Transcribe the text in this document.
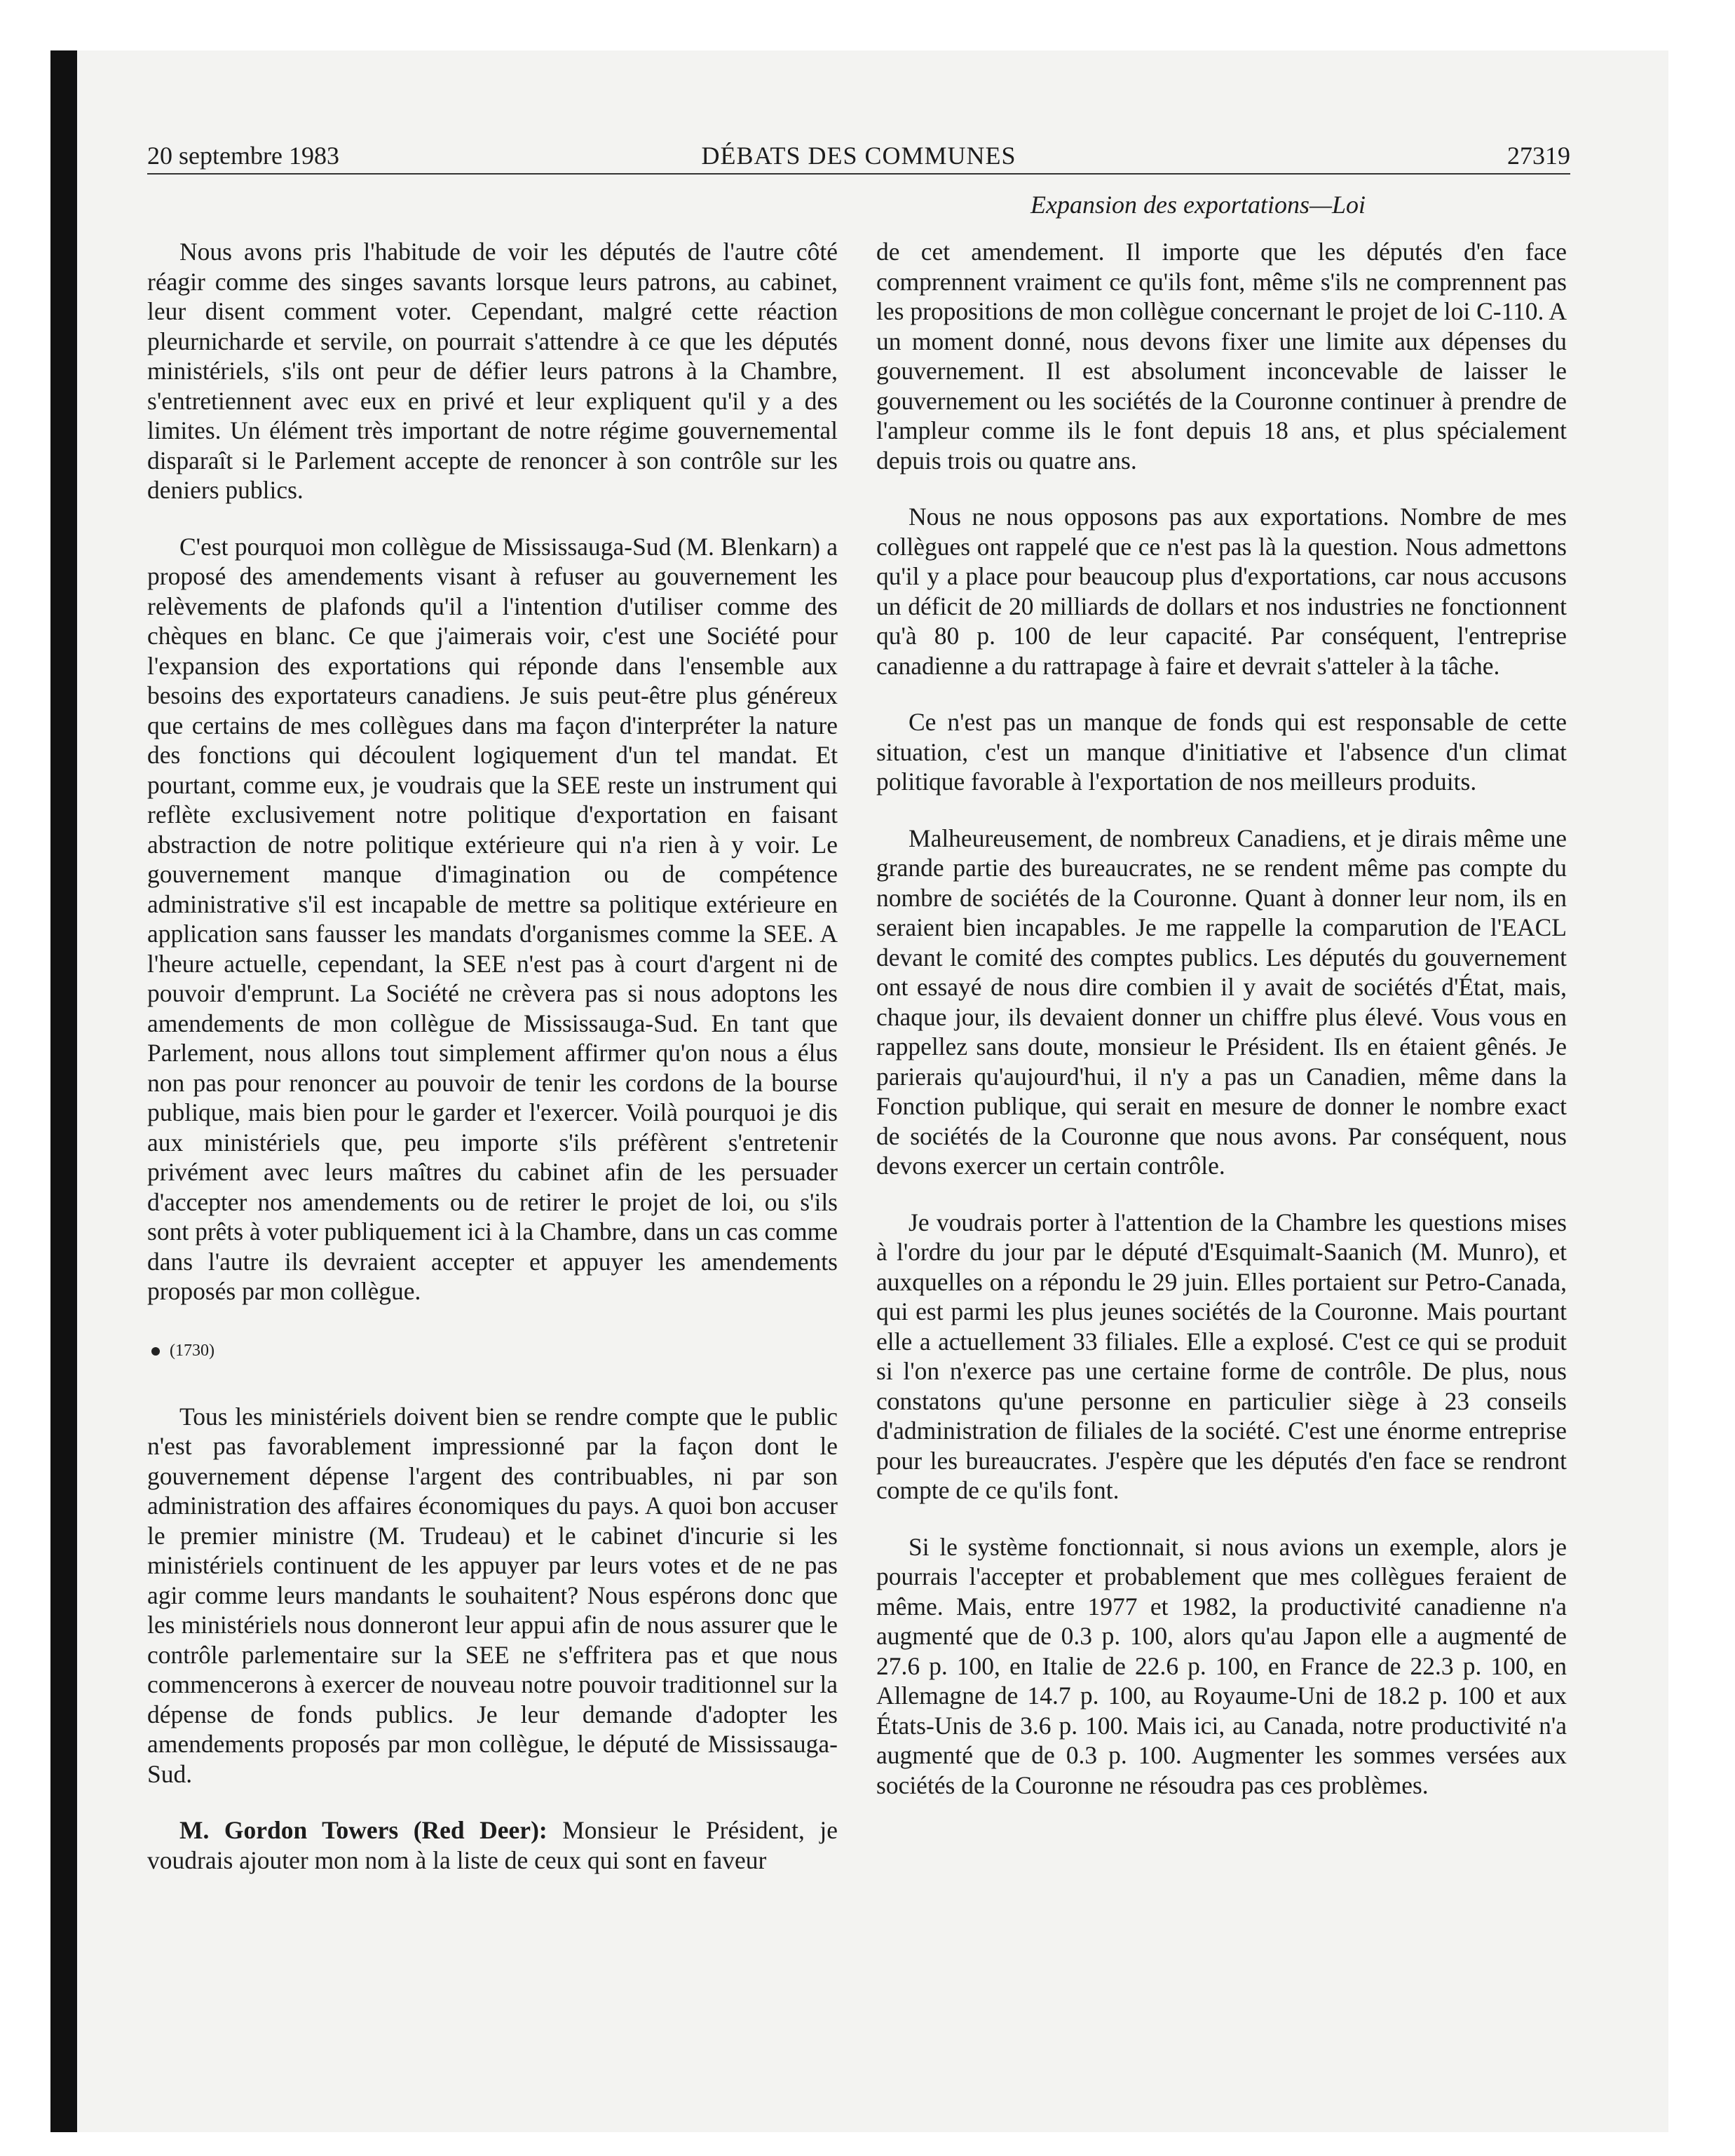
20 septembre 1983	DÉBATS DES COMMUNES	27319
Expansion des exportations—Loi

Nous avons pris l'habitude de voir les députés de l'autre côté réagir comme des singes savants lorsque leurs patrons, au cabinet, leur disent comment voter. Cependant, malgré cette réaction pleurnicharde et servile, on pourrait s'attendre à ce que les députés ministériels, s'ils ont peur de défier leurs patrons à la Chambre, s'entretiennent avec eux en privé et leur expliquent qu'il y a des limites. Un élément très important de notre régime gouvernemental disparaît si le Parlement accepte de renoncer à son contrôle sur les deniers publics.

C'est pourquoi mon collègue de Mississauga-Sud (M. Blenkarn) a proposé des amendements visant à refuser au gouvernement les relèvements de plafonds qu'il a l'intention d'utiliser comme des chèques en blanc. Ce que j'aimerais voir, c'est une Société pour l'expansion des exportations qui réponde dans l'ensemble aux besoins des exportateurs canadiens. Je suis peut-être plus généreux que certains de mes collègues dans ma façon d'interpréter la nature des fonctions qui découlent logiquement d'un tel mandat. Et pourtant, comme eux, je voudrais que la SEE reste un instrument qui reflète exclusivement notre politique d'exportation en faisant abstraction de notre politique extérieure qui n'a rien à y voir. Le gouvernement manque d'imagination ou de compétence administrative s'il est incapable de mettre sa politique extérieure en application sans fausser les mandats d'organismes comme la SEE. A l'heure actuelle, cependant, la SEE n'est pas à court d'argent ni de pouvoir d'emprunt. La Société ne crèvera pas si nous adoptons les amendements de mon collègue de Mississauga-Sud. En tant que Parlement, nous allons tout simplement affirmer qu'on nous a élus non pas pour renoncer au pouvoir de tenir les cordons de la bourse publique, mais bien pour le garder et l'exercer. Voilà pourquoi je dis aux ministériels que, peu importe s'ils préfèrent s'entretenir privément avec leurs maîtres du cabinet afin de les persuader d'accepter nos amendements ou de retirer le projet de loi, ou s'ils sont prêts à voter publiquement ici à la Chambre, dans un cas comme dans l'autre ils devraient accepter et appuyer les amendements proposés par mon collègue.

(1730)

Tous les ministériels doivent bien se rendre compte que le public n'est pas favorablement impressionné par la façon dont le gouvernement dépense l'argent des contribuables, ni par son administration des affaires économiques du pays. A quoi bon accuser le premier ministre (M. Trudeau) et le cabinet d'incurie si les ministériels continuent de les appuyer par leurs votes et de ne pas agir comme leurs mandants le souhaitent? Nous espérons donc que les ministériels nous donneront leur appui afin de nous assurer que le contrôle parlementaire sur la SEE ne s'effritera pas et que nous commencerons à exercer de nouveau notre pouvoir traditionnel sur la dépense de fonds publics. Je leur demande d'adopter les amendements proposés par mon collègue, le député de Mississauga-Sud.

M. Gordon Towers (Red Deer): Monsieur le Président, je voudrais ajouter mon nom à la liste de ceux qui sont en faveur

de cet amendement. Il importe que les députés d'en face comprennent vraiment ce qu'ils font, même s'ils ne comprennent pas les propositions de mon collègue concernant le projet de loi C-110. A un moment donné, nous devons fixer une limite aux dépenses du gouvernement. Il est absolument inconcevable de laisser le gouvernement ou les sociétés de la Couronne continuer à prendre de l'ampleur comme ils le font depuis 18 ans, et plus spécialement depuis trois ou quatre ans.

Nous ne nous opposons pas aux exportations. Nombre de mes collègues ont rappelé que ce n'est pas là la question. Nous admettons qu'il y a place pour beaucoup plus d'exportations, car nous accusons un déficit de 20 milliards de dollars et nos industries ne fonctionnent qu'à 80 p. 100 de leur capacité. Par conséquent, l'entreprise canadienne a du rattrapage à faire et devrait s'atteler à la tâche.

Ce n'est pas un manque de fonds qui est responsable de cette situation, c'est un manque d'initiative et l'absence d'un climat politique favorable à l'exportation de nos meilleurs produits.

Malheureusement, de nombreux Canadiens, et je dirais même une grande partie des bureaucrates, ne se rendent même pas compte du nombre de sociétés de la Couronne. Quant à donner leur nom, ils en seraient bien incapables. Je me rappelle la comparution de l'EACL devant le comité des comptes publics. Les députés du gouvernement ont essayé de nous dire combien il y avait de sociétés d'État, mais, chaque jour, ils devaient donner un chiffre plus élevé. Vous vous en rappellez sans doute, monsieur le Président. Ils en étaient gênés. Je parierais qu'aujourd'hui, il n'y a pas un Canadien, même dans la Fonction publique, qui serait en mesure de donner le nombre exact de sociétés de la Couronne que nous avons. Par conséquent, nous devons exercer un certain contrôle.

Je voudrais porter à l'attention de la Chambre les questions mises à l'ordre du jour par le député d'Esquimalt-Saanich (M. Munro), et auxquelles on a répondu le 29 juin. Elles portaient sur Petro-Canada, qui est parmi les plus jeunes sociétés de la Couronne. Mais pourtant elle a actuellement 33 filiales. Elle a explosé. C'est ce qui se produit si l'on n'exerce pas une certaine forme de contrôle. De plus, nous constatons qu'une personne en particulier siège à 23 conseils d'administration de filiales de la société. C'est une énorme entreprise pour les bureaucrates. J'espère que les députés d'en face se rendront compte de ce qu'ils font.

Si le système fonctionnait, si nous avions un exemple, alors je pourrais l'accepter et probablement que mes collègues feraient de même. Mais, entre 1977 et 1982, la productivité canadienne n'a augmenté que de 0.3 p. 100, alors qu'au Japon elle a augmenté de 27.6 p. 100, en Italie de 22.6 p. 100, en France de 22.3 p. 100, en Allemagne de 14.7 p. 100, au Royaume-Uni de 18.2 p. 100 et aux États-Unis de 3.6 p. 100. Mais ici, au Canada, notre productivité n'a augmenté que de 0.3 p. 100. Augmenter les sommes versées aux sociétés de la Couronne ne résoudra pas ces problèmes.
